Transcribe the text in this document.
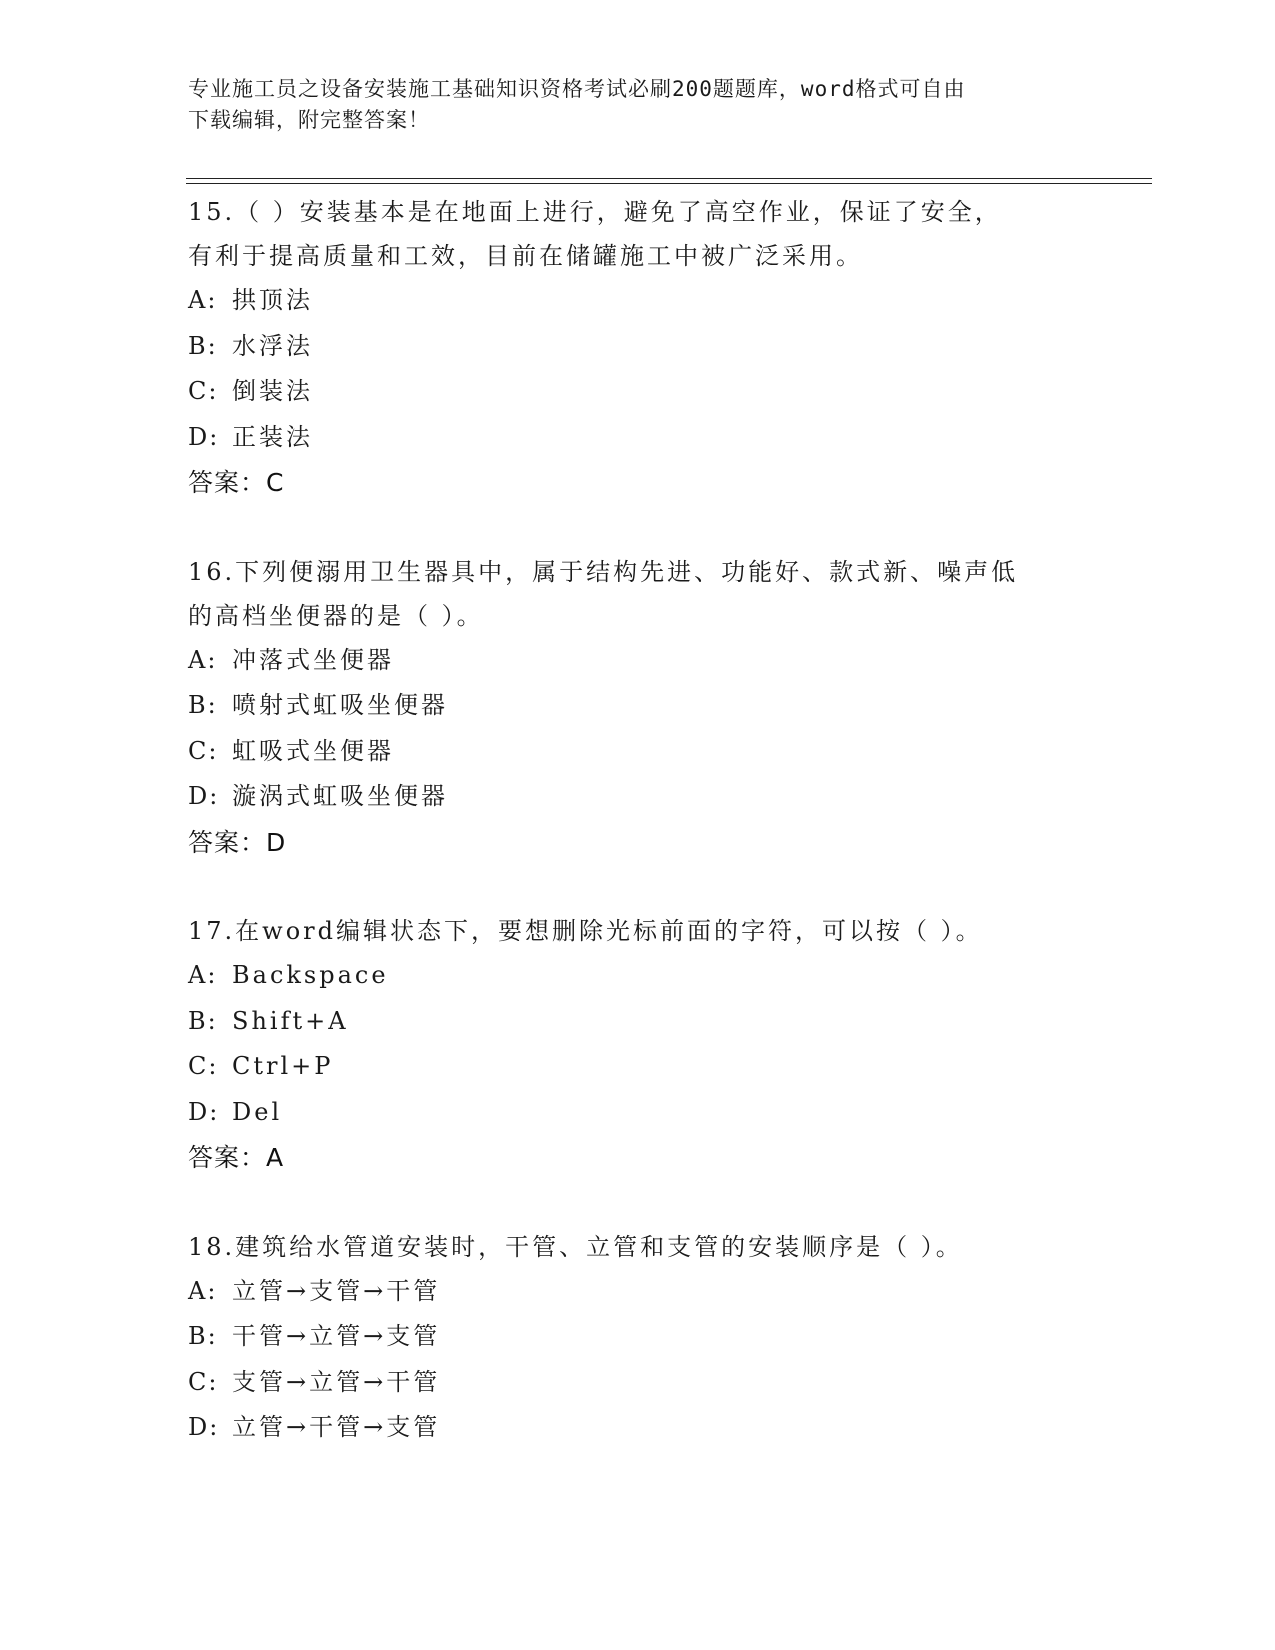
专业施工员之设备安装施工基础知识资格考试必刷200题题库，word格式可自由
下载编辑，附完整答案！
15.（ ）安装基本是在地面上进行，避免了高空作业，保证了安全，
有利于提高质量和工效，目前在储罐施工中被广泛采用。
A: 拱顶法
B: 水浮法
C: 倒装法
D: 正装法
答案：C
16.下列便溺用卫生器具中，属于结构先进、功能好、款式新、噪声低
的高档坐便器的是（ ）。
A: 冲落式坐便器
B: 喷射式虹吸坐便器
C: 虹吸式坐便器
D: 漩涡式虹吸坐便器
答案：D
17.在word编辑状态下，要想删除光标前面的字符，可以按（ ）。
A: Backspace
B: Shift+A
C: Ctrl+P
D: Del
答案：A
18.建筑给水管道安装时，干管、立管和支管的安装顺序是（ ）。
A: 立管→支管→干管
B: 干管→立管→支管
C: 支管→立管→干管
D: 立管→干管→支管
